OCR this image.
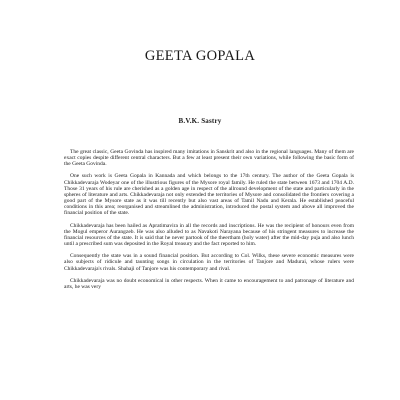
GEETA GOPALA
B.V.K. Sastry

The great classic, Geeta Govinda has inspired many imitations in Sanskrit and also in the regional languages. Many of them are exact copies despite different central characters. But a few at least present their own variations, while following the basic form of the Geeta Govinda.

One such work is Geeta Gopala in Kannada and which belongs to the 17th century. The author of the Geeta Gopala is Chikkadevaraja Wodeyar one of the illustrious figures of the Mysore royal family. He ruled the state between 1673 and 1704 A.D. Those 31 years of his rule are cherished as a golden age in respect of the allround development of the state and particularly in the spheres of literature and arts. Chikkadevaraja not only extended the territories of Mysore and consolidated the frontiers covering a good part of the Mysore state as it was till recently but also vast areas of Tamil Nadu and Kerala. He established peaceful conditions in this area; reorganised and streamlined the administration, introduced the postal system and above all improved the financial position of the state.

Chikkadevaraja has been hailed as Apratimavira in all the records and inscriptions. He was the recipient of honours even from the Mogul emperor Aurangzeb. He was also alluded to as Navakoti Narayana because of his stringent measures to increase the financial resources of the state. It is said that he never partook of the theertham (holy water) after the mid-day puja and also lunch until a prescribed sum was deposited in the Royal treasury and the fact reported to him.

Consequently the state was in a sound financial position. But according to Col. Wilks, these severe economic measures were also subjects of ridicule and taunting songs in circulation in the territories of Tanjore and Madurai, whose rulers were Chikkadevaraja's rivals. Shahaji of Tanjore was his contemporary and rival.

Chikkadevaraja was no doubt economical in other respects. When it came to encouragement to and patronage of literature and arts, he was very
